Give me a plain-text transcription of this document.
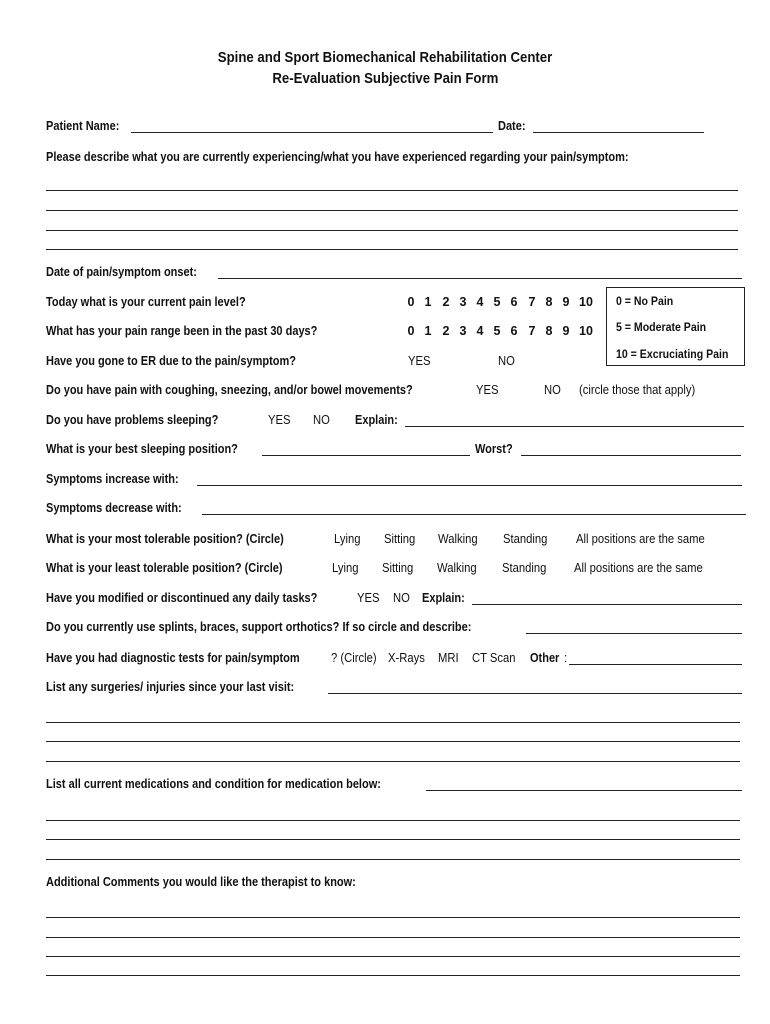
Spine and Sport Biomechanical Rehabilitation Center
Re-Evaluation Subjective Pain Form
Patient Name:	Date:
Please describe what you are currently experiencing/what you have experienced regarding your pain/symptom:
Date of pain/symptom onset:
Today what is your current pain level?	0 1 2 3 4 5 6 7 8 9 10
What has your pain range been in the past 30 days?	0 1 2 3 4 5 6 7 8 9 10
Have you gone to ER due to the pain/symptom?	YES	NO
0 = No Pain
5 = Moderate Pain
10 = Excruciating Pain
Do you have pain with coughing, sneezing, and/or bowel movements?	YES	NO (circle those that apply)
Do you have problems sleeping?	YES NO Explain:
What is your best sleeping position?	Worst?
Symptoms increase with:
Symptoms decrease with:
What is your most tolerable position? (Circle)	Lying Sitting Walking Standing All positions are the same
What is your least tolerable position? (Circle)	Lying Sitting Walking Standing All positions are the same
Have you modified or discontinued any daily tasks?	YES NO Explain:
Do you currently use splints, braces, support orthotics? If so circle and describe:
Have you had diagnostic tests for pain/symptom	? (Circle) X-Rays MRI CT Scan Other :
List any surgeries/ injuries since your last visit:
List all current medications and condition for medication below:
Additional Comments you would like the therapist to know:
